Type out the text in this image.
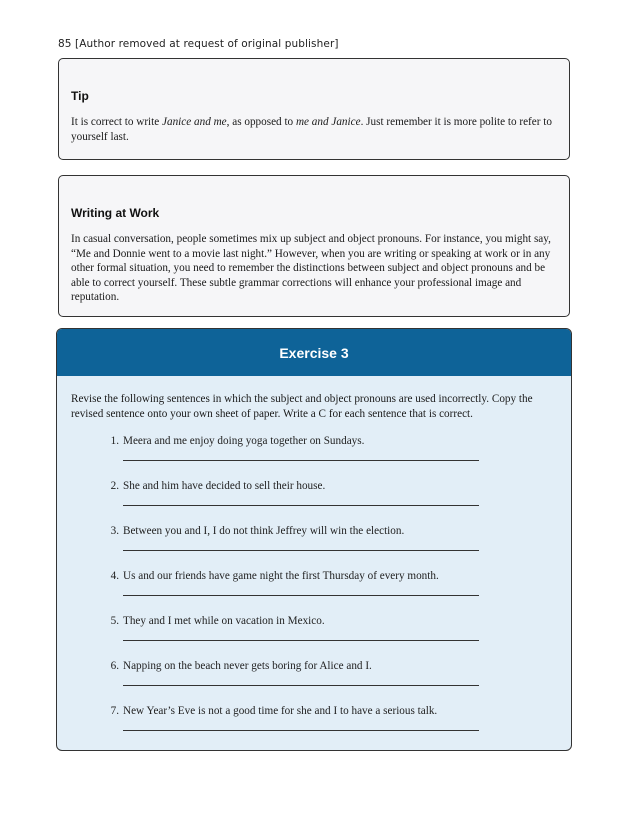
85 [Author removed at request of original publisher]
Tip

It is correct to write Janice and me, as opposed to me and Janice. Just remember it is more polite to refer to yourself last.

Writing at Work

In casual conversation, people sometimes mix up subject and object pronouns. For instance, you might say, “Me and Donnie went to a movie last night.” However, when you are writing or speaking at work or in any other formal situation, you need to remember the distinctions between subject and object pronouns and be able to correct yourself. These subtle grammar corrections will enhance your professional image and reputation.

Exercise 3

Revise the following sentences in which the subject and object pronouns are used incorrectly. Copy the revised sentence onto your own sheet of paper. Write a C for each sentence that is correct.

1. Meera and me enjoy doing yoga together on Sundays.
2. She and him have decided to sell their house.
3. Between you and I, I do not think Jeffrey will win the election.
4. Us and our friends have game night the first Thursday of every month.
5. They and I met while on vacation in Mexico.
6. Napping on the beach never gets boring for Alice and I.
7. New Year’s Eve is not a good time for she and I to have a serious talk.
